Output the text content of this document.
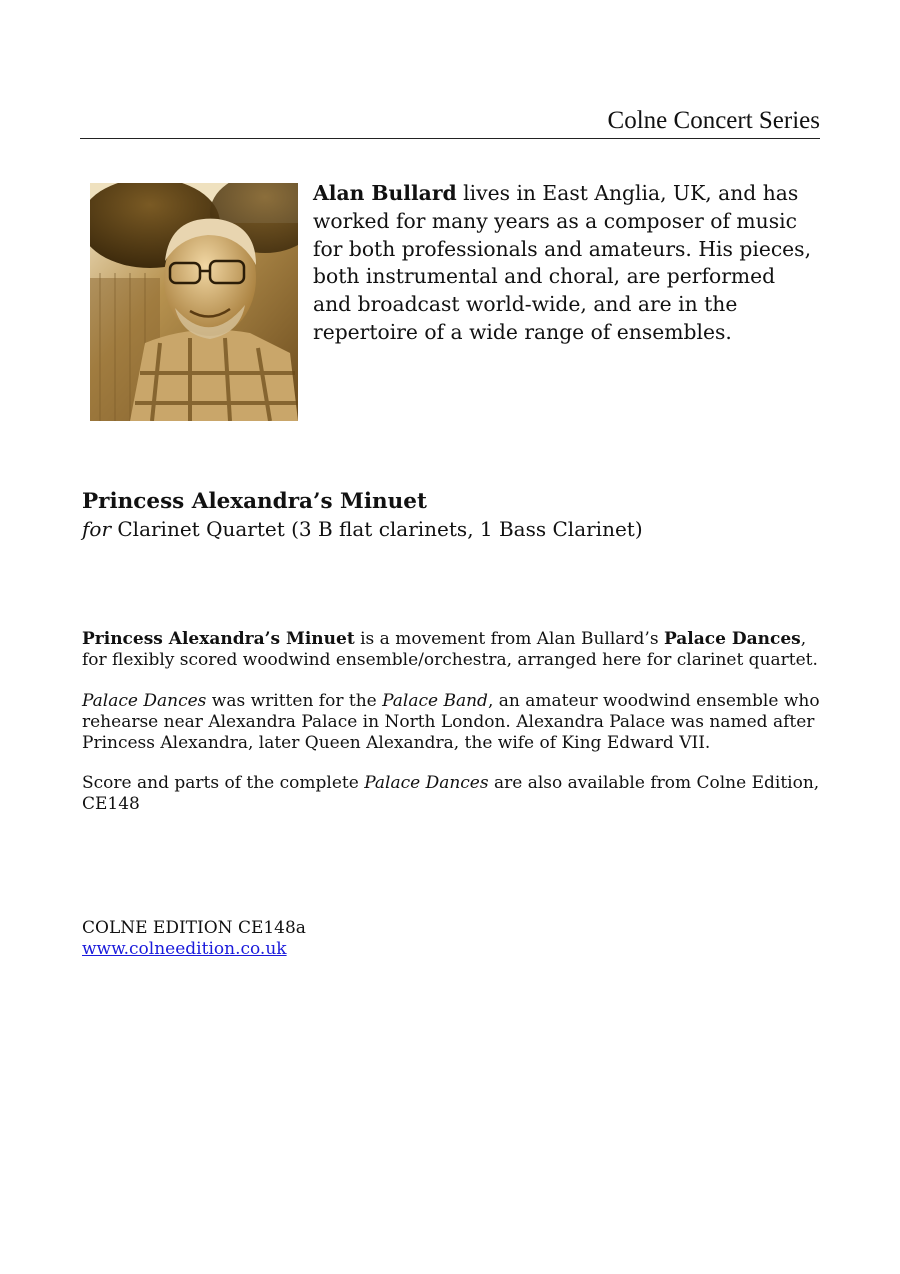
Colne Concert Series
Alan Bullard lives in East Anglia, UK, and has worked for many years as a composer of music for both professionals and amateurs. His pieces, both instrumental and choral, are performed and broadcast world-wide, and are in the repertoire of a wide range of ensembles.
Princess Alexandra’s Minuet
for Clarinet Quartet (3 B flat clarinets, 1 Bass Clarinet)

Princess Alexandra’s Minuet is a movement from Alan Bullard’s Palace Dances, for flexibly scored woodwind ensemble/orchestra, arranged here for clarinet quartet.

Palace Dances was written for the Palace Band, an amateur woodwind ensemble who rehearse near Alexandra Palace in North London. Alexandra Palace was named after Princess Alexandra, later Queen Alexandra, the wife of King Edward VII.

Score and parts of the complete Palace Dances are also available from Colne Edition, CE148

COLNE EDITION CE148a
www.colneedition.co.uk
